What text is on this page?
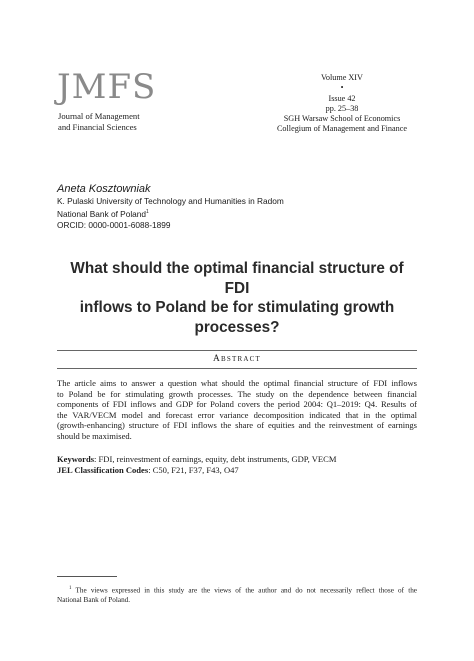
JMFS
Journal of Management
and Financial Sciences
Volume XIV
•
Issue 42
pp. 25–38
SGH Warsaw School of Economics
Collegium of Management and Finance
Aneta Kosztowniak
K. Pulaski University of Technology and Humanities in Radom
National Bank of Poland$^1$
ORCID: 0000-0001-6088-1899
What should the optimal financial structure of FDI
inflows to Poland be for stimulating growth
processes?
Abstract
The article aims to answer a question what should the optimal financial structure of FDI inflows
to Poland be for stimulating growth processes. The study on the dependence between financial
components of FDI inflows and GDP for Poland covers the period 2004: Q1–2019: Q4. Results of
the VAR/VECM model and forecast error variance decomposition indicated that in the optimal
(growth-enhancing) structure of FDI inflows the share of equities and the reinvestment of earnings
should be maximised.
Keywords: FDI, reinvestment of earnings, equity, debt instruments, GDP, VECM
JEL Classification Codes: C50, F21, F37, F43, O47
$^1$ The views expressed in this study are the views of the author and do not necessarily reflect those of the
National Bank of Poland.
